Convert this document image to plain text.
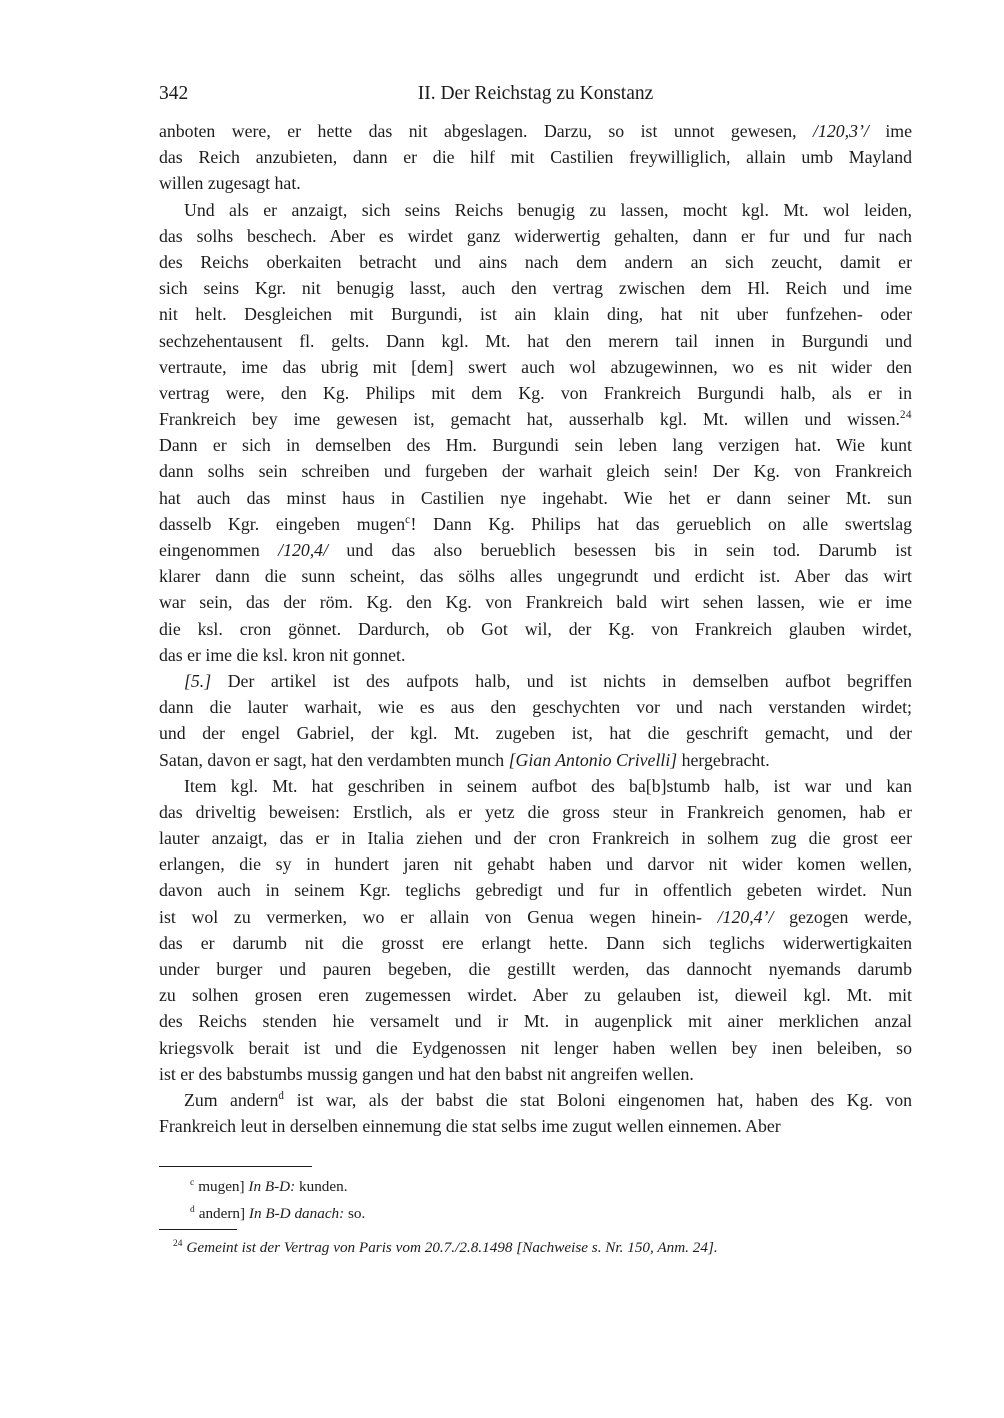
342	II. Der Reichstag zu Konstanz
anboten were, er hette das nit abgeslagen. Darzu, so ist unnot gewesen, /120,3’/ ime
das Reich anzubieten, dann er die hilf mit Castilien freywilliglich, allain umb Mayland
willen zugesagt hat.
Und als er anzaigt, sich seins Reichs benugig zu lassen, mocht kgl. Mt. wol leiden,
das solhs beschech. Aber es wirdet ganz widerwertig gehalten, dann er fur und fur nach
des Reichs oberkaiten betracht und ains nach dem andern an sich zeucht, damit er
sich seins Kgr. nit benugig lasst, auch den vertrag zwischen dem Hl. Reich und ime
nit helt. Desgleichen mit Burgundi, ist ain klain ding, hat nit uber funfzehen- oder
sechzehentausent fl. gelts. Dann kgl. Mt. hat den merern tail innen in Burgundi und
vertraute, ime das ubrig mit [dem] swert auch wol abzugewinnen, wo es nit wider den
vertrag were, den Kg. Philips mit dem Kg. von Frankreich Burgundi halb, als er in
Frankreich bey ime gewesen ist, gemacht hat, ausserhalb kgl. Mt. willen und wissen.$^{24}$
Dann er sich in demselben des Hm. Burgundi sein leben lang verzigen hat. Wie kunt
dann solhs sein schreiben und furgeben der warhait gleich sein! Der Kg. von Frankreich
hat auch das minst haus in Castilien nye ingehabt. Wie het er dann seiner Mt. sun
dasselb Kgr. eingeben mugen$^c$! Dann Kg. Philips hat das gerueblich on alle swertslag
eingenommen /120,4/ und das also berueblich besessen bis in sein tod. Darumb ist
klarer dann die sunn scheint, das sölhs alles ungegrundt und erdicht ist. Aber das wirt
war sein, das der röm. Kg. den Kg. von Frankreich bald wirt sehen lassen, wie er ime
die ksl. cron gönnet. Dardurch, ob Got wil, der Kg. von Frankreich glauben wirdet,
das er ime die ksl. kron nit gonnet.
[5.] Der artikel ist des aufpots halb, und ist nichts in demselben aufbot begriffen
dann die lauter warhait, wie es aus den geschychten vor und nach verstanden wirdet;
und der engel Gabriel, der kgl. Mt. zugeben ist, hat die geschrift gemacht, und der
Satan, davon er sagt, hat den verdambten munch [Gian Antonio Crivelli] hergebracht.
Item kgl. Mt. hat geschriben in seinem aufbot des ba[b]stumb halb, ist war und kan
das driveltig beweisen: Erstlich, als er yetz die gross steur in Frankreich genomen, hab er
lauter anzaigt, das er in Italia ziehen und der cron Frankreich in solhem zug die grost eer
erlangen, die sy in hundert jaren nit gehabt haben und darvor nit wider komen wellen,
davon auch in seinem Kgr. teglichs gebredigt und fur in offentlich gebeten wirdet. Nun
ist wol zu vermerken, wo er allain von Genua wegen hinein- /120,4’/ gezogen werde,
das er darumb nit die grosst ere erlangt hette. Dann sich teglichs widerwertigkaiten
under burger und pauren begeben, die gestillt werden, das dannocht nyemands darumb
zu solhen grosen eren zugemessen wirdet. Aber zu gelauben ist, dieweil kgl. Mt. mit
des Reichs stenden hie versamelt und ir Mt. in augenplick mit ainer merklichen anzal
kriegsvolk berait ist und die Eydgenossen nit lenger haben wellen bey inen beleiben, so
ist er des babstumbs mussig gangen und hat den babst nit angreifen wellen.
Zum andern$^d$ ist war, als der babst die stat Boloni eingenomen hat, haben des Kg. von
Frankreich leut in derselben einnemung die stat selbs ime zugut wellen einnemen. Aber
$^c$ mugen] In B-D: kunden.
$^d$ andern] In B-D danach: so.
$^{24}$ Gemeint ist der Vertrag von Paris vom 20.7./2.8.1498 [Nachweise s. Nr. 150, Anm. 24].
